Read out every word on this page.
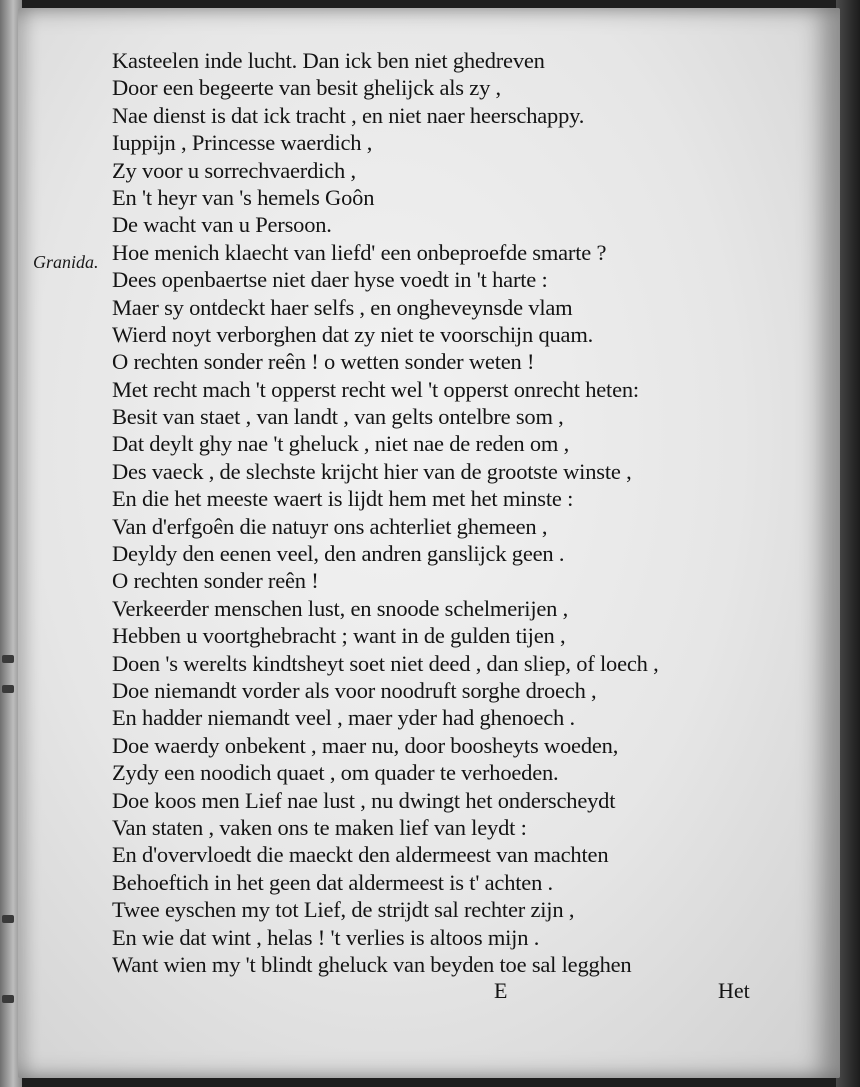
Granida.
Kasteelen inde lucht. Dan ick ben niet ghedreven
Door een begeerte van besit ghelijck als zy ,
Nae dienst is dat ick tracht , en niet naer heerschappy.
Iuppijn , Princesse waerdich ,
Zy voor u sorrechvaerdich ,
En 't heyr van 's hemels Goôn
De wacht van u Persoon.
Hoe menich klaecht van liefd' een onbeproefde smarte ?
Dees openbaertse niet daer hyse voedt in 't harte :
Maer sy ontdeckt haer selfs , en ongheveynsde vlam
Wierd noyt verborghen dat zy niet te voorschijn quam.
O rechten sonder reên ! o wetten sonder weten !
Met recht mach 't opperst recht wel 't opperst onrecht heten:
Besit van staet , van landt , van gelts ontelbre som ,
Dat deylt ghy nae 't gheluck , niet nae de reden om ,
Des vaeck , de slechste krijcht hier van de grootste winste ,
En die het meeste waert is lijdt hem met het minste :
Van d'erfgoên die natuyr ons achterliet ghemeen ,
Deyldy den eenen veel, den andren ganslijck geen .
O rechten sonder reên !
Verkeerder menschen lust, en snoode schelmerijen ,
Hebben u voortghebracht ; want in de gulden tijen ,
Doen 's werelts kindtsheyt soet niet deed , dan sliep, of loech ,
Doe niemandt vorder als voor noodruft sorghe droech ,
En hadder niemandt veel , maer yder had ghenoech .
Doe waerdy onbekent , maer nu, door boosheyts woeden,
Zydy een noodich quaet , om quader te verhoeden.
Doe koos men Lief nae lust , nu dwingt het onderscheydt
Van staten , vaken ons te maken lief van leydt :
En d'overvloedt die maeckt den aldermeest van machten
Behoeftich in het geen dat aldermeest is t' achten .
Twee eyschen my tot Lief, de strijdt sal rechter zijn ,
En wie dat wint , helas ! 't verlies is altoos mijn .
Want wien my 't blindt gheluck van beyden toe sal legghen
E	Het
